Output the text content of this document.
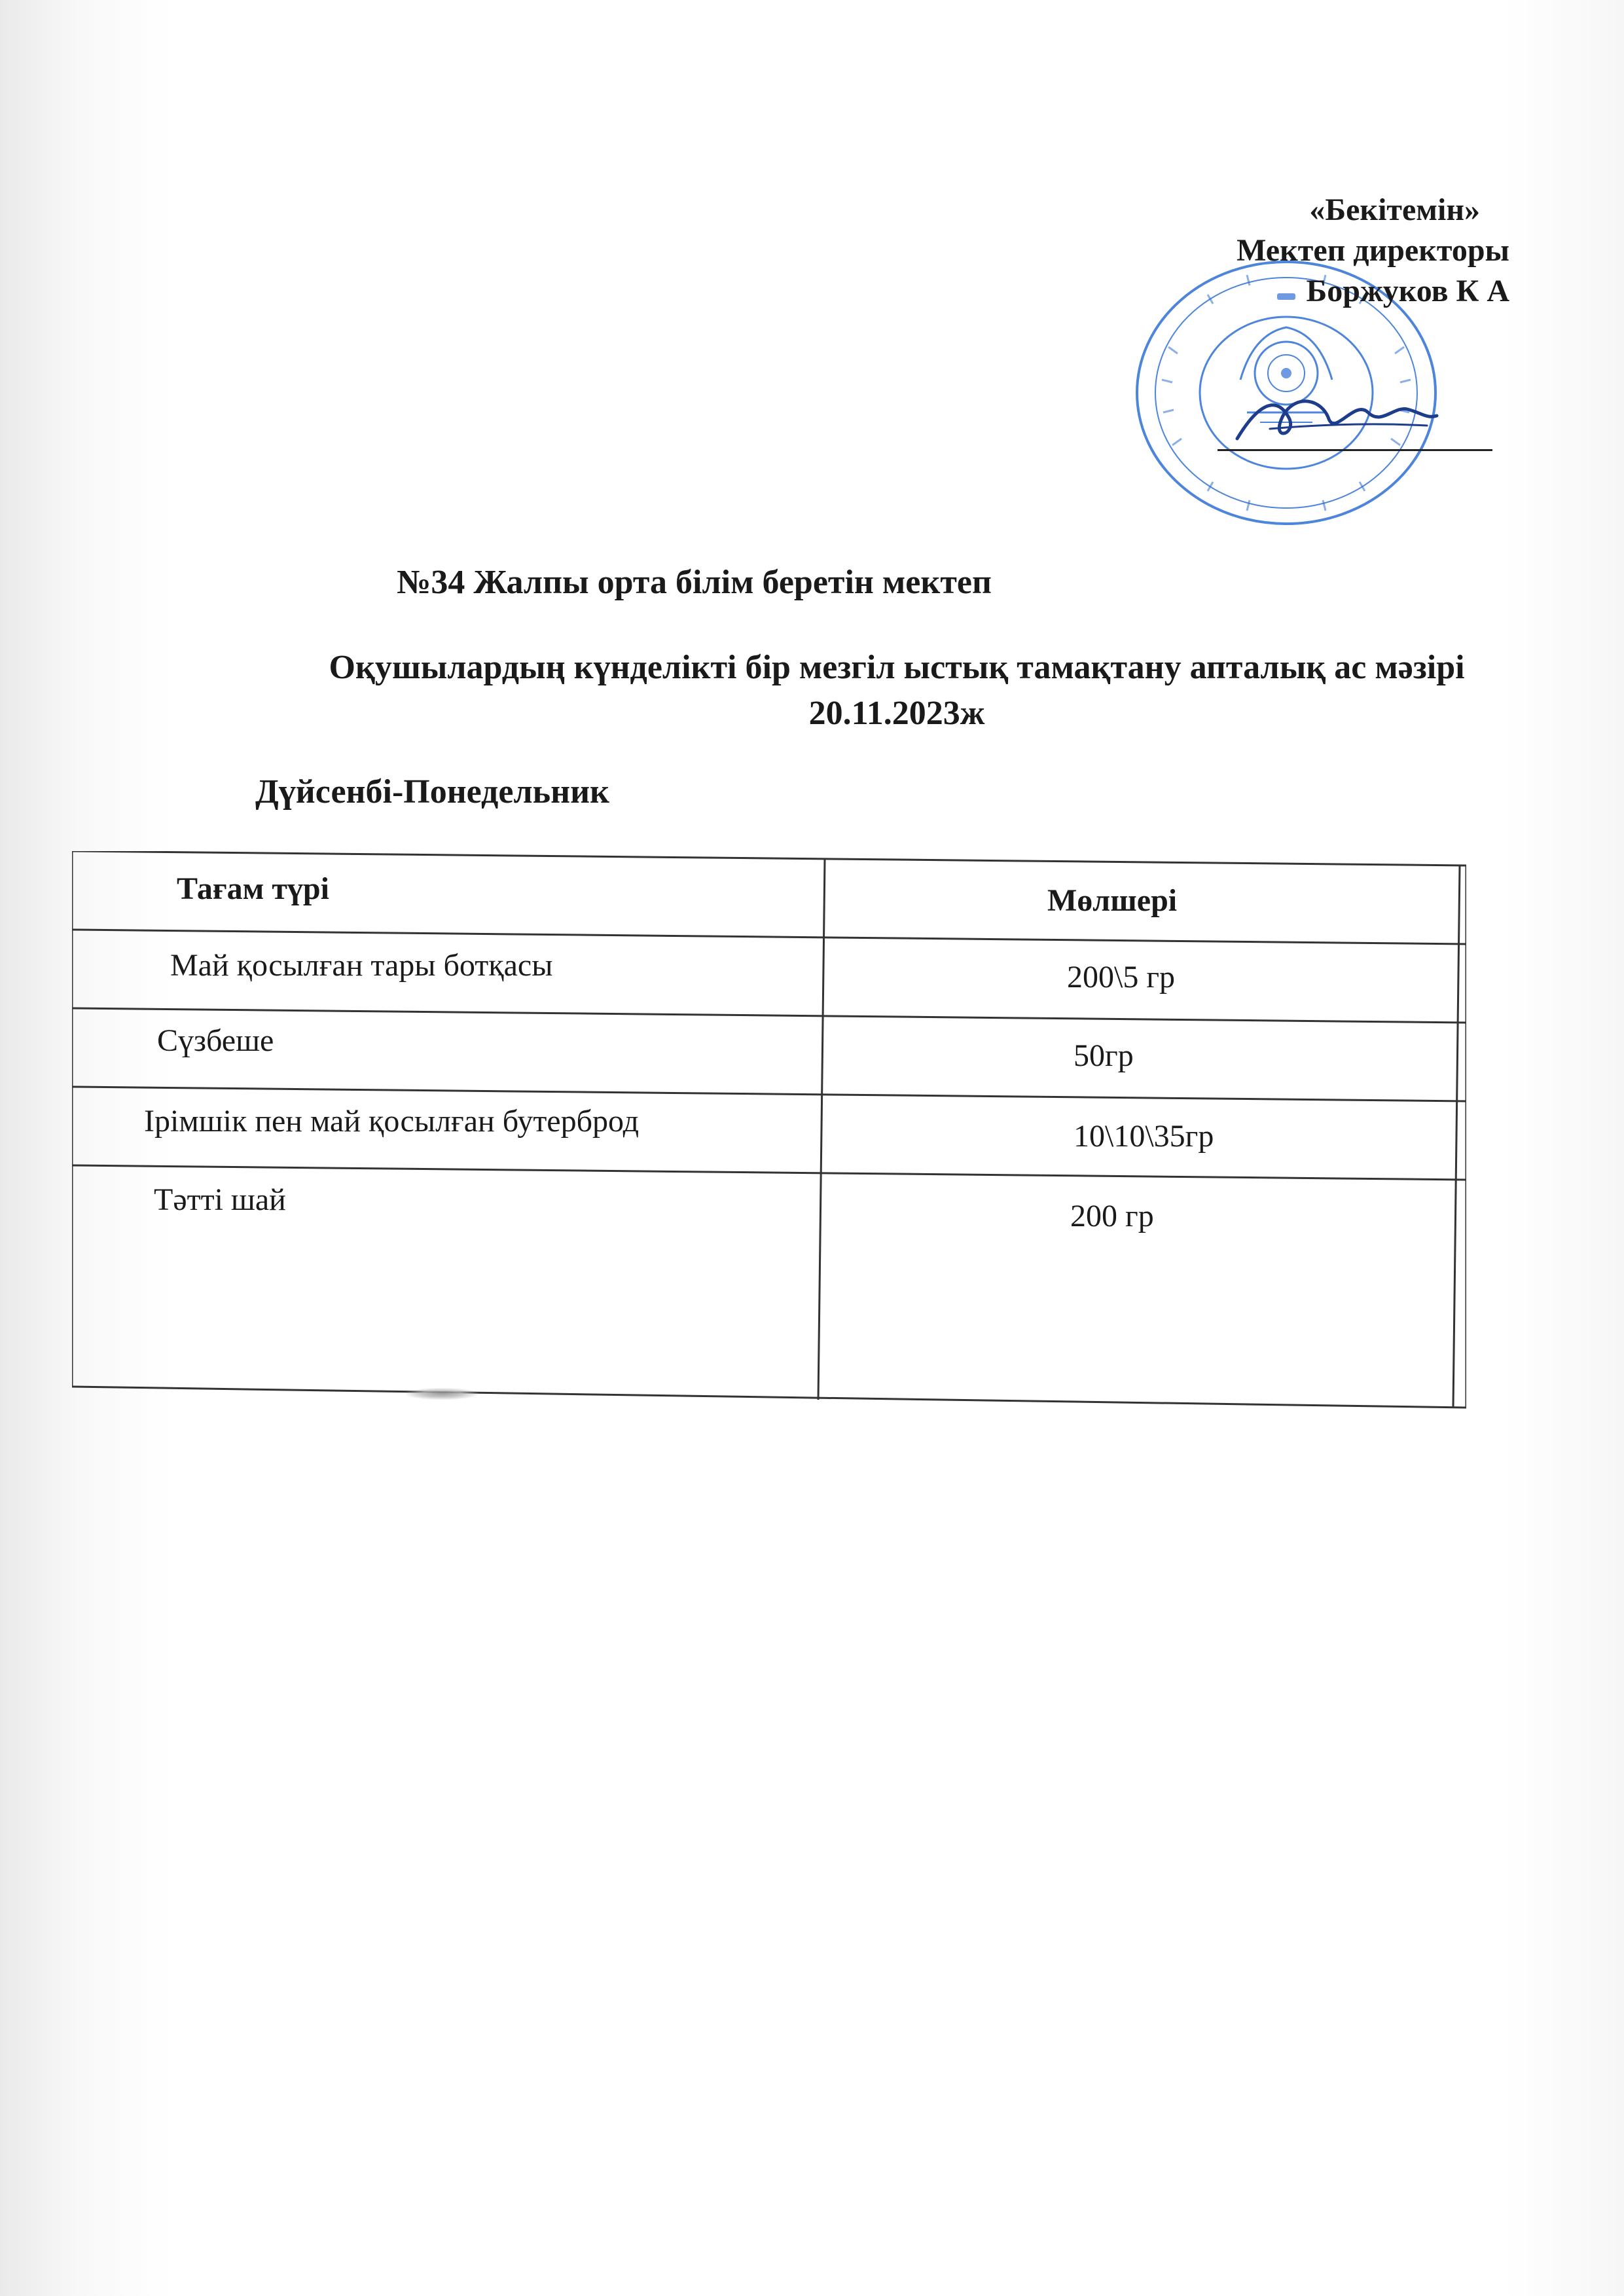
«Бекітемін»
Мектеп директоры
Боржуков К А
№34 Жалпы орта білім беретін мектеп
Оқушылардың күнделікті бір мезгіл ыстық тамақтану апталық ас мәзірі
20.11.2023ж
Дүйсенбі-Понедельник
Тағам түрі	Мөлшері
Май қосылған тары ботқасы	200\5 гр
Сүзбеше	50гр
Ірімшік пен май қосылған бутерброд	10\10\35гр
Тәтті шай	200 гр
